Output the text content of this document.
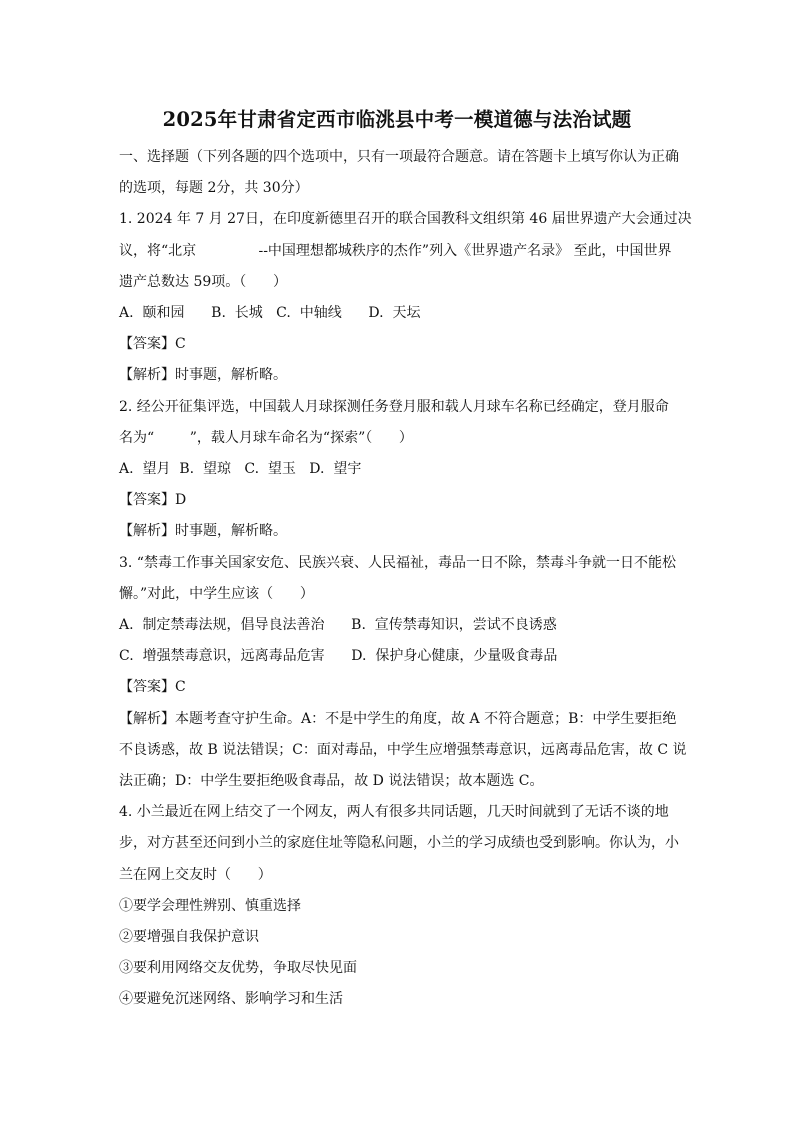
2025年甘肃省定西市临洮县中考一模道德与法治试题
一、选择题（下列各题的四个选项中，只有一项最符合题意。请在答题卡上填写你认为正确
的选项，每题 2分，共 30分）
1. 2024 年 7 月 27日，在印度新德里召开的联合国教科文组织第 46 届世界遗产大会通过决
议，将“北京              --中国理想都城秩序的杰作”列入《世界遗产名录》 至此，中国世界
遗产总数达 59项。（      ）
A.  颐和园      B.  长城   C.  中轴线      D.  天坛
【答案】C
【解析】时事题，解析略。
2. 经公开征集评选，中国载人月球探测任务登月服和载人月球车名称已经确定，登月服命
名为“        ”，载人月球车命名为“探索”（      ）
A.  望月  B.  望琼   C.  望玉   D.  望宇
【答案】D
【解析】时事题，解析略。
3. “禁毒工作事关国家安危、民族兴衰、人民福祉，毒品一日不除，禁毒斗争就一日不能松
懈。”对此，中学生应该（      ）
A.  制定禁毒法规，倡导良法善治      B.  宣传禁毒知识，尝试不良诱惑
C.  增强禁毒意识，远离毒品危害      D.  保护身心健康，少量吸食毒品
【答案】C
【解析】本题考查守护生命。A：不是中学生的角度，故 A 不符合题意；B：中学生要拒绝
不良诱惑，故 B 说法错误；C：面对毒品，中学生应增强禁毒意识，远离毒品危害，故 C 说
法正确；D：中学生要拒绝吸食毒品，故 D 说法错误；故本题选 C。
4. 小兰最近在网上结交了一个网友，两人有很多共同话题，几天时间就到了无话不谈的地
步，对方甚至还问到小兰的家庭住址等隐私问题，小兰的学习成绩也受到影响。你认为，小
兰在网上交友时（      ）
①要学会理性辨别、慎重选择
②要增强自我保护意识
③要利用网络交友优势，争取尽快见面
④要避免沉迷网络、影响学习和生活
